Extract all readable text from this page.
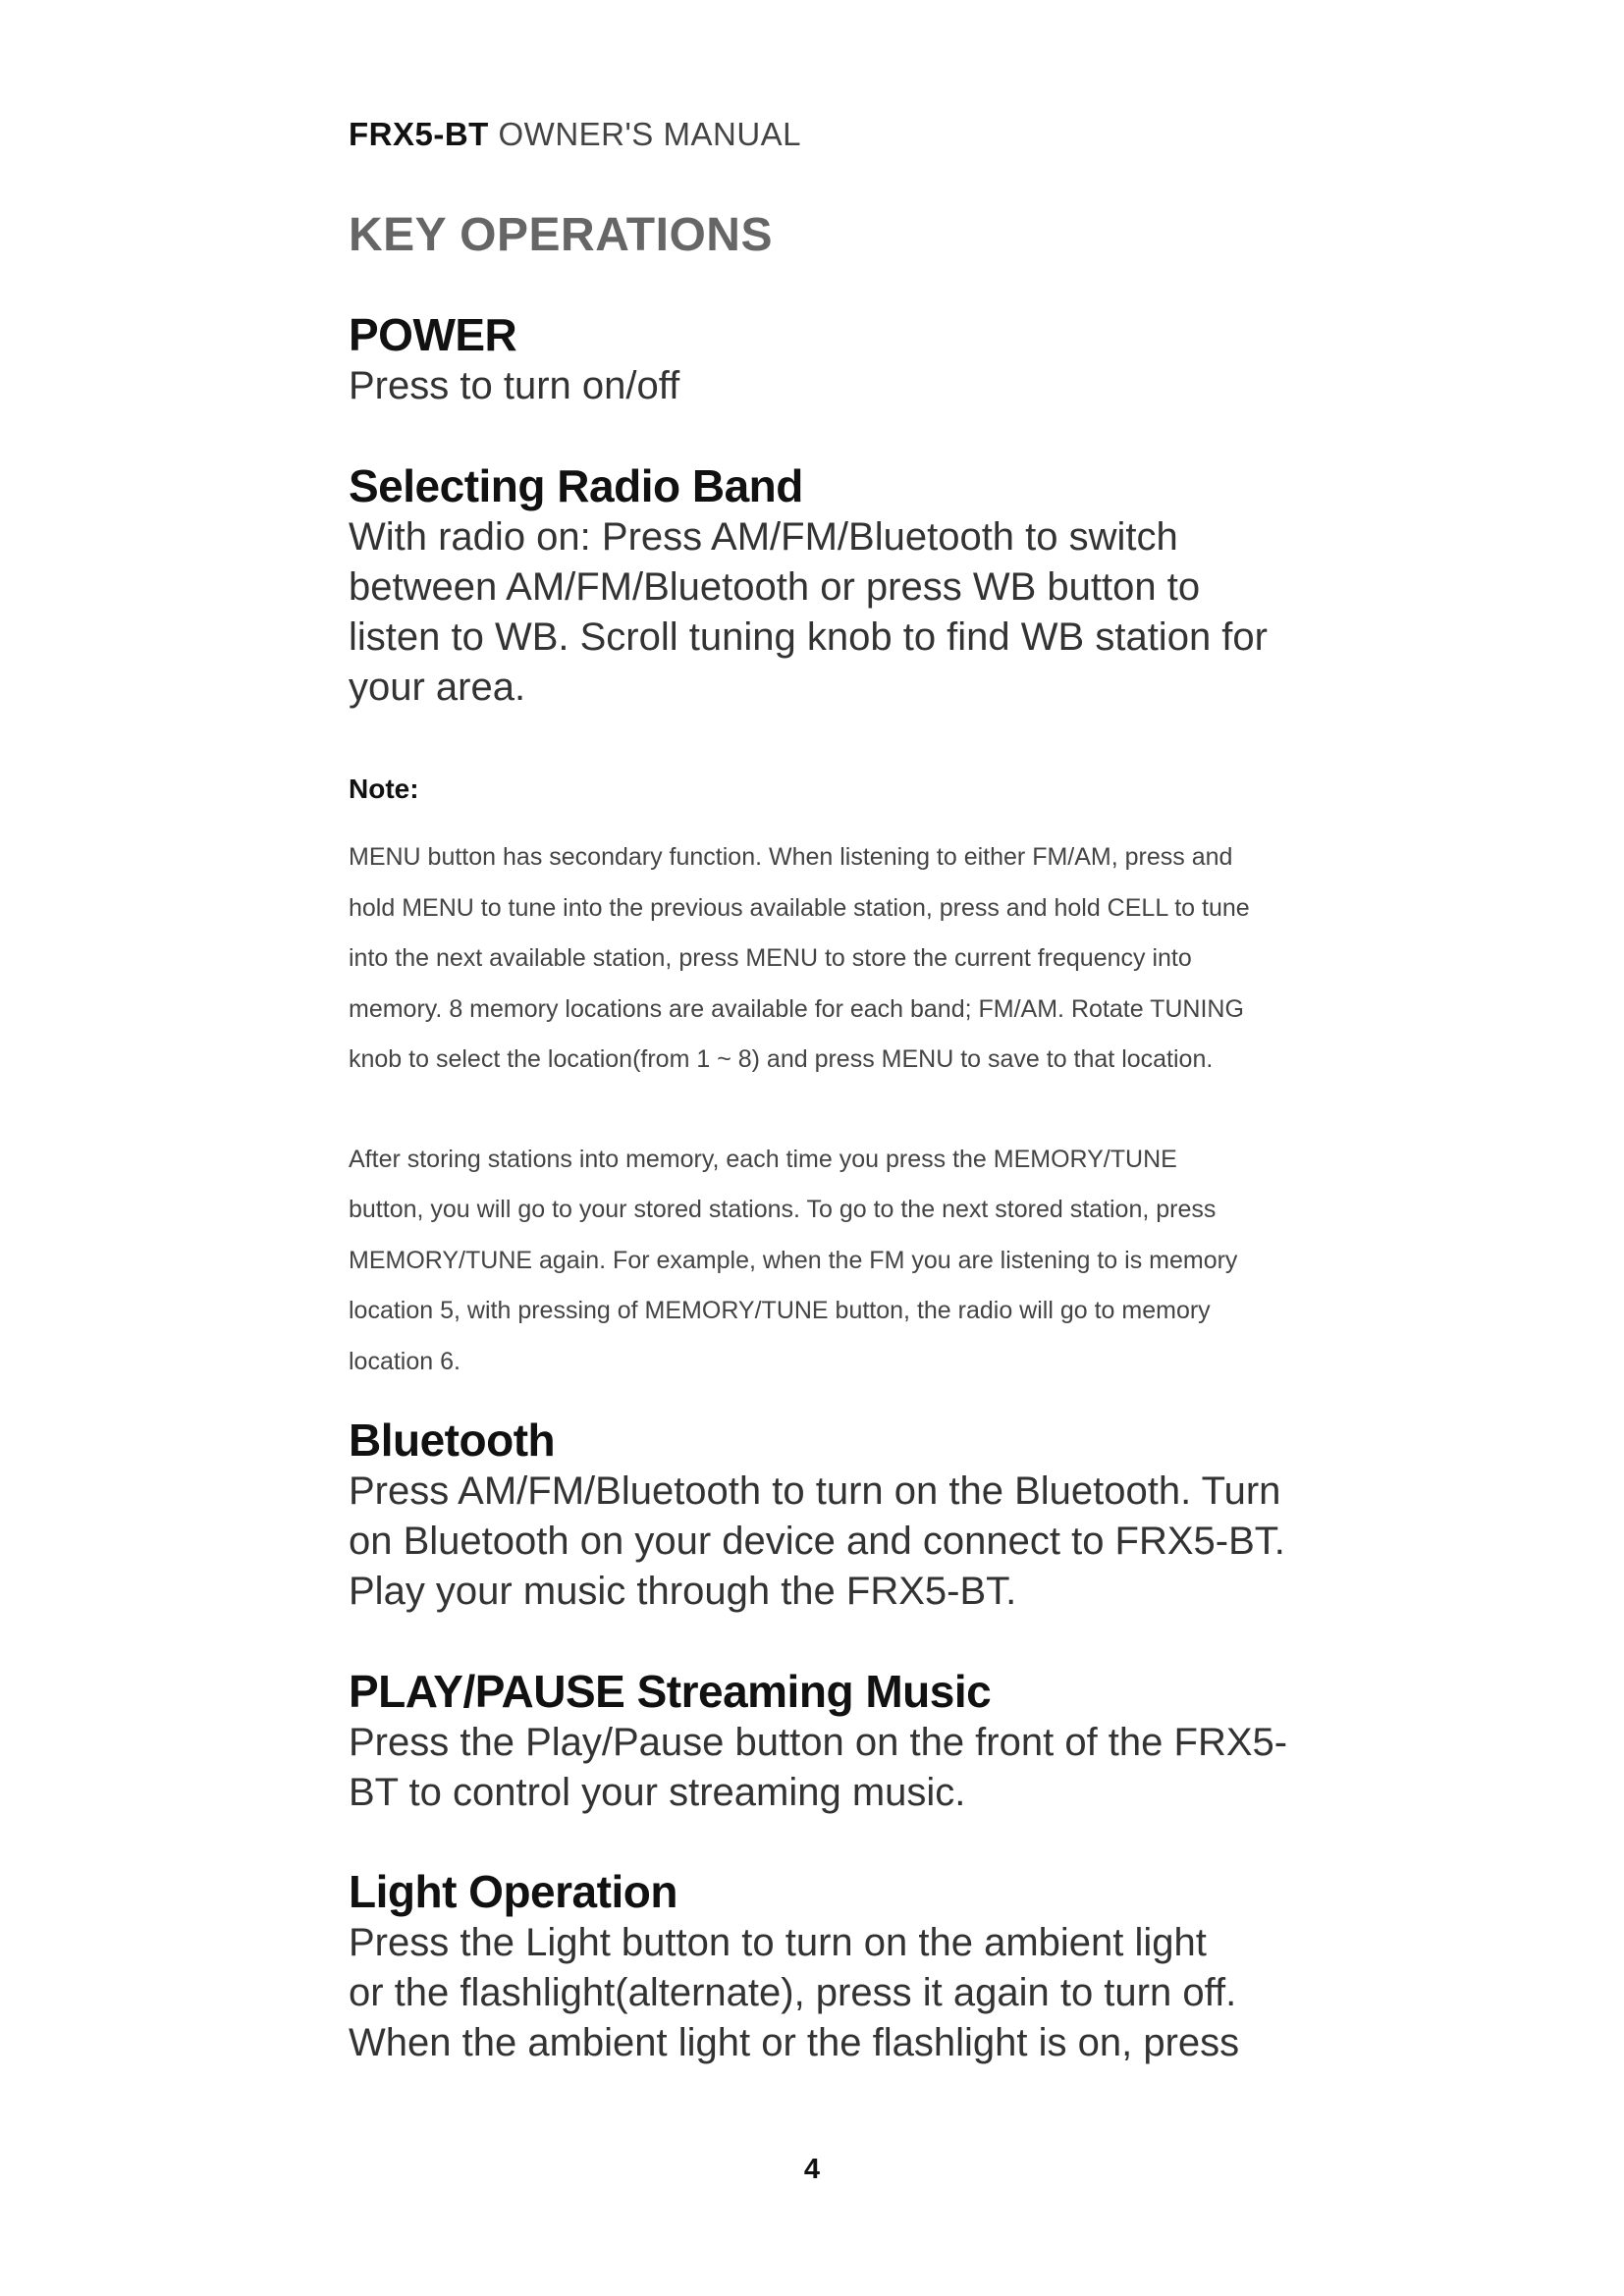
FRX5-BT OWNER'S MANUAL
KEY OPERATIONS
POWER

Press to turn on/off

Selecting Radio Band

With radio on: Press AM/FM/Bluetooth to switch

between AM/FM/Bluetooth or press WB button to

listen to WB. Scroll tuning knob to find WB station for

your area.

Note:

MENU button has secondary function. When listening to either FM/AM, press and

hold MENU to tune into the previous available station, press and hold CELL to tune

into the next available station, press MENU to store the current frequency into

memory. 8 memory locations are available for each band; FM/AM. Rotate TUNING

knob to select the location(from 1 ~ 8) and press MENU to save to that location.

After storing stations into memory, each time you press the MEMORY/TUNE

button, you will go to your stored stations. To go to the next stored station, press

MEMORY/TUNE again. For example, when the FM you are listening to is memory

location 5, with pressing of MEMORY/TUNE button, the radio will go to memory

location 6.

Bluetooth

Press AM/FM/Bluetooth to turn on the Bluetooth. Turn

on Bluetooth on your device and connect to FRX5-BT.

Play your music through the FRX5-BT.

PLAY/PAUSE Streaming Music

Press the Play/Pause button on the front of the FRX5-

BT to control your streaming music.

Light Operation

Press the Light button to turn on the ambient light

or the flashlight(alternate), press it again to turn off.

When the ambient light or the flashlight is on, press

4
